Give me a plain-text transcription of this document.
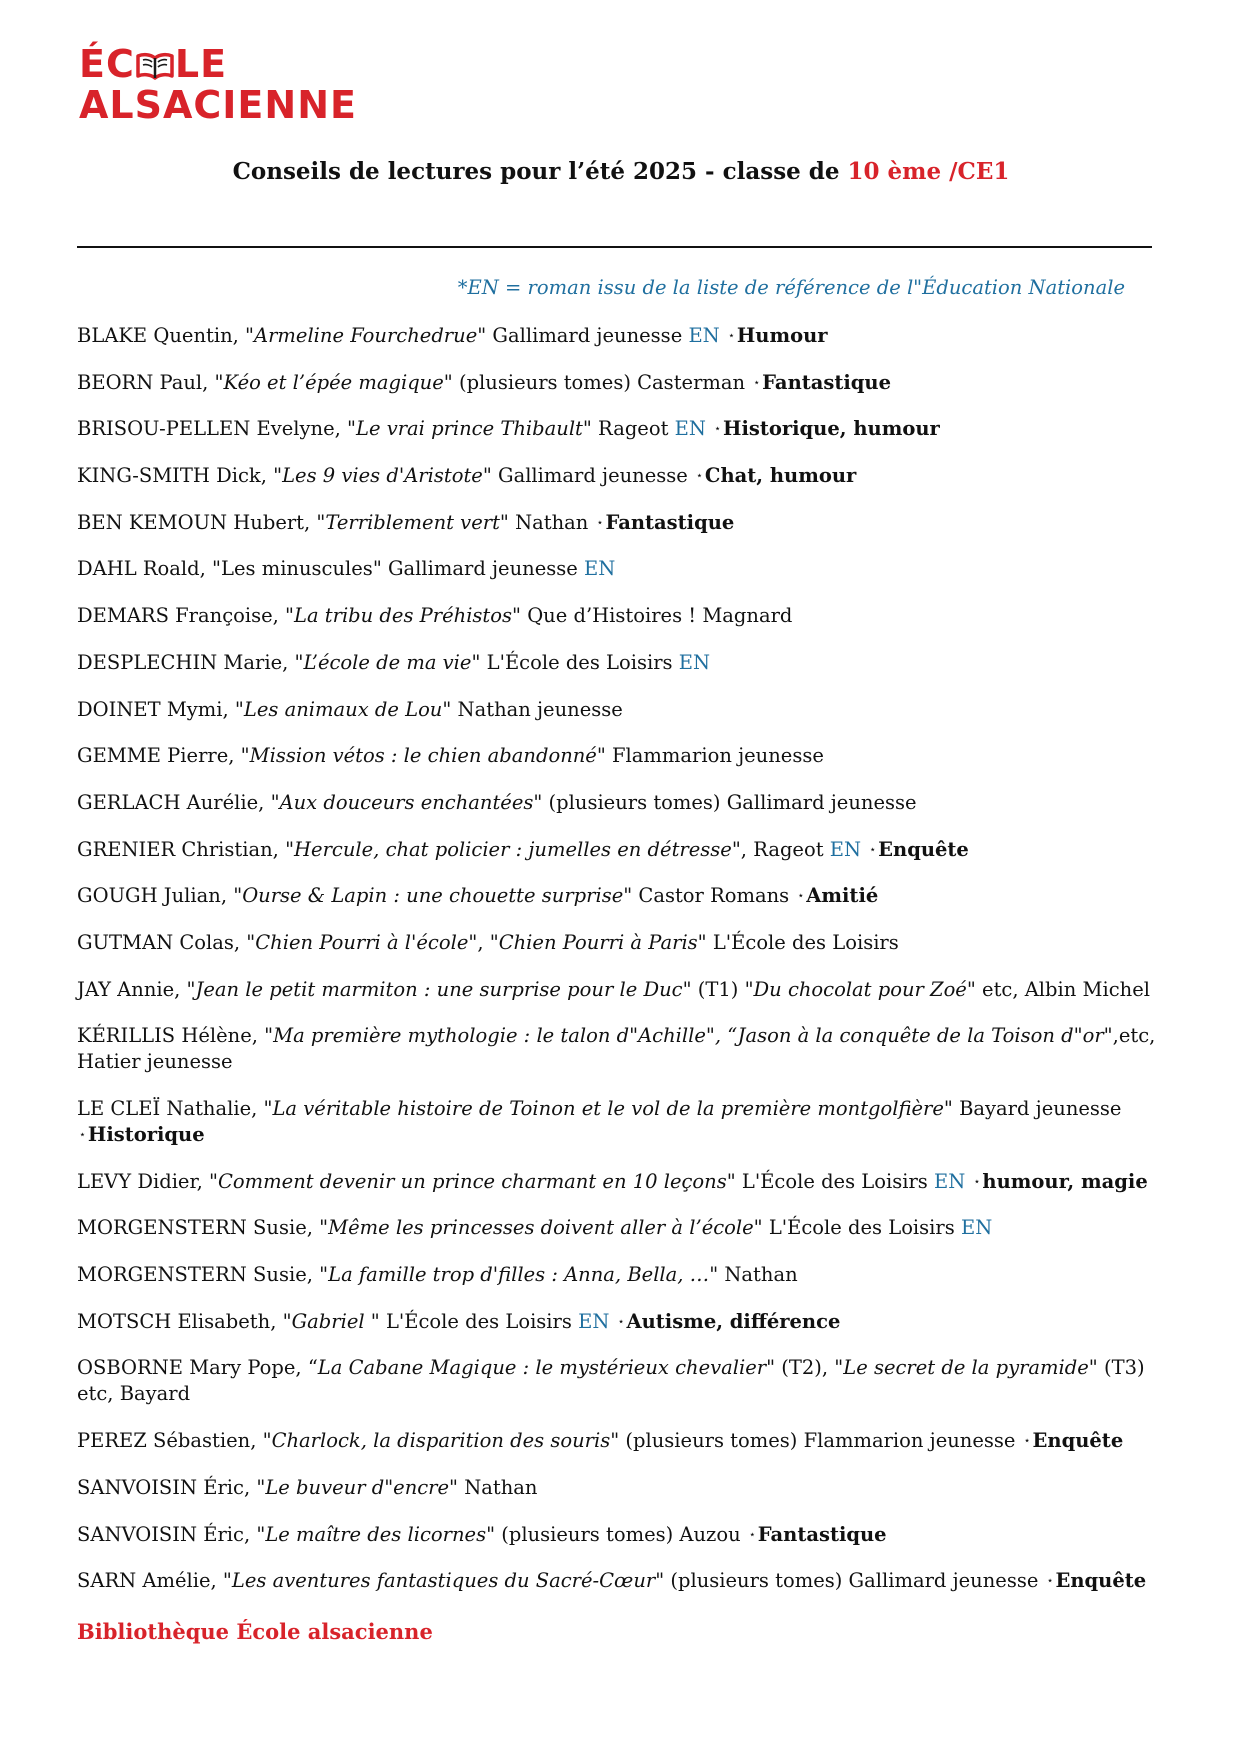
ÉC LE
ALSACIENNE
Conseils de lectures pour l’été 2025 - classe de 10 ème /CE1
*EN = roman issu de la liste de référence de l"Éducation Nationale
BLAKE Quentin, "Armeline Fourchedrue" Gallimard jeunesse EN ⋆ Humour
BEORN Paul, "Kéo et l’épée magique" (plusieurs tomes) Casterman ⋆ Fantastique
BRISOU-PELLEN Evelyne, "Le vrai prince Thibault" Rageot EN ⋆ Historique, humour
KING-SMITH Dick, "Les 9 vies d'Aristote" Gallimard jeunesse ⋆ Chat, humour
BEN KEMOUN Hubert, "Terriblement vert" Nathan ⋆ Fantastique
DAHL Roald, "Les minuscules" Gallimard jeunesse EN
DEMARS Françoise, "La tribu des Préhistos" Que d’Histoires ! Magnard
DESPLECHIN Marie, "L’école de ma vie" L'École des Loisirs EN
DOINET Mymi, "Les animaux de Lou" Nathan jeunesse
GEMME Pierre, "Mission vétos : le chien abandonné" Flammarion jeunesse
GERLACH Aurélie, "Aux douceurs enchantées" (plusieurs tomes) Gallimard jeunesse
GRENIER Christian, "Hercule, chat policier : jumelles en détresse", Rageot EN ⋆ Enquête
GOUGH Julian, "Ourse & Lapin : une chouette surprise" Castor Romans ⋆ Amitié
GUTMAN Colas, "Chien Pourri à l'école", "Chien Pourri à Paris" L'École des Loisirs
JAY Annie, "Jean le petit marmiton : une surprise pour le Duc" (T1) "Du chocolat pour Zoé" etc, Albin Michel
KÉRILLIS Hélène, "Ma première mythologie : le talon d"Achille", “Jason à la conquête de la Toison d"or",etc, Hatier jeunesse
LE CLEÏ Nathalie, "La véritable histoire de Toinon et le vol de la première montgolfière" Bayard jeunesse ⋆ Historique
LEVY Didier, "Comment devenir un prince charmant en 10 leçons" L'École des Loisirs EN ⋆ humour, magie
MORGENSTERN Susie, "Même les princesses doivent aller à l’école" L'École des Loisirs EN
MORGENSTERN Susie, "La famille trop d'filles : Anna, Bella, …" Nathan
MOTSCH Elisabeth, "Gabriel " L'École des Loisirs EN ⋆ Autisme, différence
OSBORNE Mary Pope, “La Cabane Magique : le mystérieux chevalier" (T2), "Le secret de la pyramide" (T3) etc, Bayard
PEREZ Sébastien, "Charlock, la disparition des souris" (plusieurs tomes) Flammarion jeunesse ⋆ Enquête
SANVOISIN Éric, "Le buveur d"encre" Nathan
SANVOISIN Éric, "Le maître des licornes" (plusieurs tomes) Auzou ⋆ Fantastique
SARN Amélie, "Les aventures fantastiques du Sacré-Cœur" (plusieurs tomes) Gallimard jeunesse ⋆ Enquête
Bibliothèque École alsacienne
